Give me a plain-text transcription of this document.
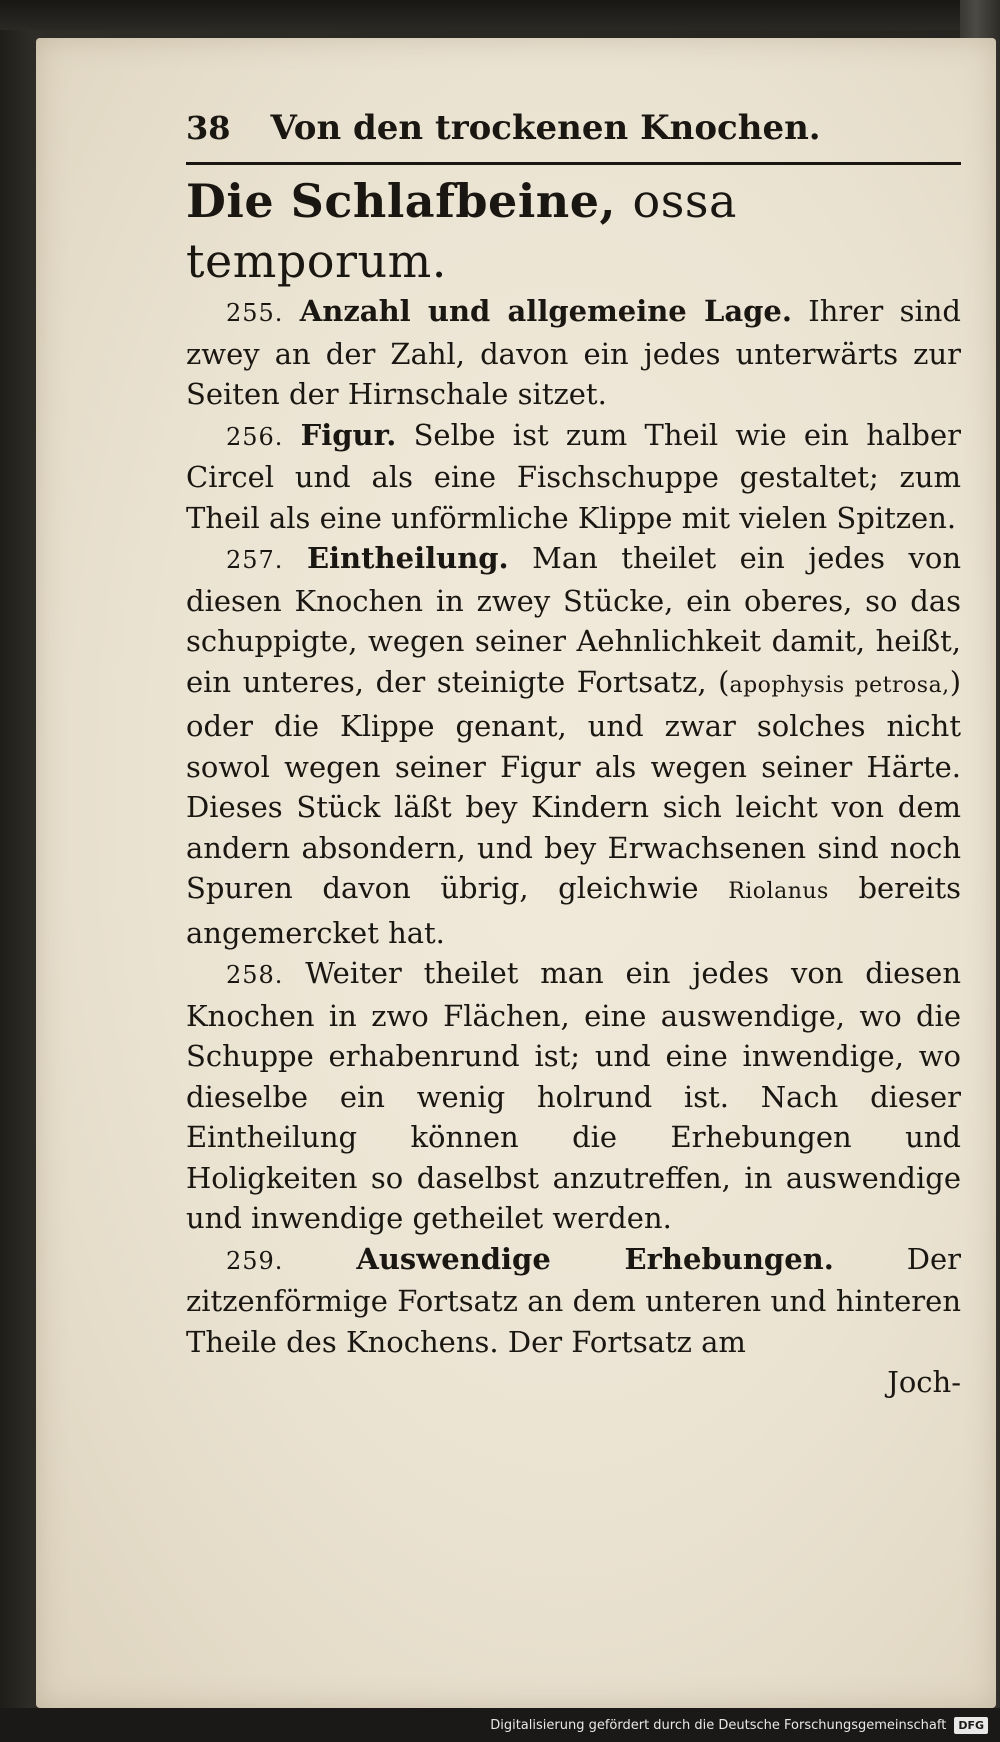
38 Von den trockenen Knochen.
Die Schlafbeine, ossa temporum.

255. Anzahl und allgemeine Lage. Ihrer sind zwey an der Zahl, davon ein jedes unterwärts zur Seiten der Hirnschale sitzet.

256. Figur. Selbe ist zum Theil wie ein halber Circel und als eine Fischschuppe gestaltet; zum Theil als eine unförmliche Klippe mit vielen Spitzen.

257. Eintheilung. Man theilet ein jedes von diesen Knochen in zwey Stücke, ein oberes, so das schuppigte, wegen seiner Aehnlichkeit damit, heißt, ein unteres, der steinigte Fortsatz, (apophysis petrosa,) oder die Klippe genant, und zwar solches nicht sowol wegen seiner Figur als wegen seiner Härte. Dieses Stück läßt bey Kindern sich leicht von dem andern absondern, und bey Erwachsenen sind noch Spuren davon übrig, gleichwie Riolanus bereits angemercket hat.

258. Weiter theilet man ein jedes von diesen Knochen in zwo Flächen, eine auswendige, wo die Schuppe erhabenrund ist; und eine inwendige, wo dieselbe ein wenig holrund ist. Nach dieser Eintheilung können die Erhebungen und Holigkeiten so daselbst anzutreffen, in auswendige und inwendige getheilet werden.

259.	Auswendige Erhebungen.	Der zitzenförmige Fortsatz an dem unteren und hinteren Theile des Knochens. Der Fortsatz am

Joch-
Digitalisierung gefördert durch die Deutsche Forschungsgemeinschaft	DFG
